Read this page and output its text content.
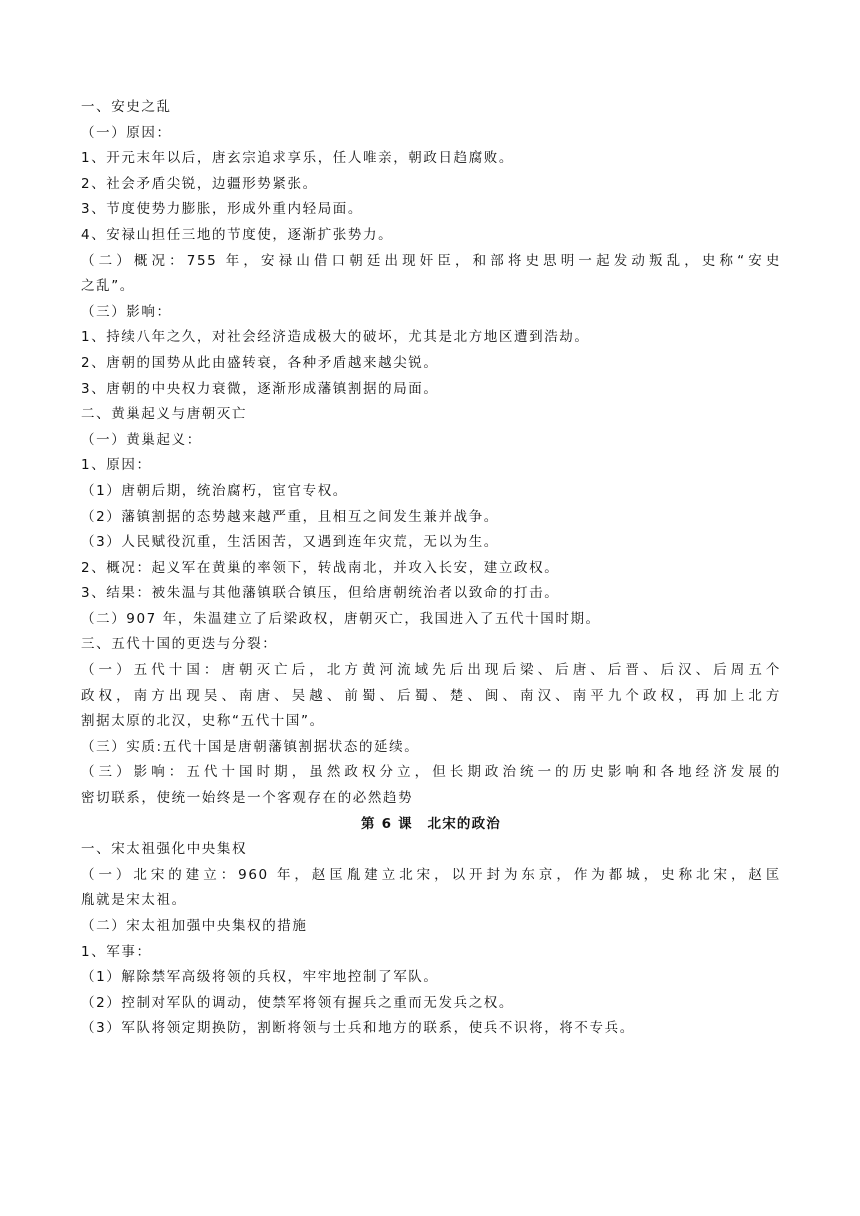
一、安史之乱

（一）原因：

1、开元末年以后，唐玄宗追求享乐，任人唯亲，朝政日趋腐败。

2、社会矛盾尖锐，边疆形势紧张。

3、节度使势力膨胀，形成外重内轻局面。

4、安禄山担任三地的节度使，逐渐扩张势力。

（二）概况：755 年，安禄山借口朝廷出现奸臣，和部将史思明一起发动叛乱，史称“安史

之乱”。

（三）影响：

1、持续八年之久，对社会经济造成极大的破坏，尤其是北方地区遭到浩劫。

2、唐朝的国势从此由盛转衰，各种矛盾越来越尖锐。

3、唐朝的中央权力衰微，逐渐形成藩镇割据的局面。

二、黄巢起义与唐朝灭亡

（一）黄巢起义：

1、原因：

（1）唐朝后期，统治腐朽，宦官专权。

（2）藩镇割据的态势越来越严重，且相互之间发生兼并战争。

（3）人民赋役沉重，生活困苦，又遇到连年灾荒，无以为生。

2、概况：起义军在黄巢的率领下，转战南北，并攻入长安，建立政权。

3、结果：被朱温与其他藩镇联合镇压，但给唐朝统治者以致命的打击。

（二）907 年，朱温建立了后梁政权，唐朝灭亡，我国进入了五代十国时期。

三、五代十国的更迭与分裂：

（一）五代十国：唐朝灭亡后，北方黄河流域先后出现后梁、后唐、后晋、后汉、后周五个

政权，南方出现吴、南唐、吴越、前蜀、后蜀、楚、闽、南汉、南平九个政权，再加上北方

割据太原的北汉，史称“五代十国”。

（三）实质:五代十国是唐朝藩镇割据状态的延续。

（三）影响：五代十国时期，虽然政权分立，但长期政治统一的历史影响和各地经济发展的

密切联系，使统一始终是一个客观存在的必然趋势

第 6 课　北宋的政治

一、宋太祖强化中央集权

（一）北宋的建立：960 年，赵匡胤建立北宋，以开封为东京，作为都城，史称北宋，赵匡

胤就是宋太祖。

（二）宋太祖加强中央集权的措施

1、军事：

（1）解除禁军高级将领的兵权，牢牢地控制了军队。

（2）控制对军队的调动，使禁军将领有握兵之重而无发兵之权。

（3）军队将领定期换防，割断将领与士兵和地方的联系，使兵不识将，将不专兵。
